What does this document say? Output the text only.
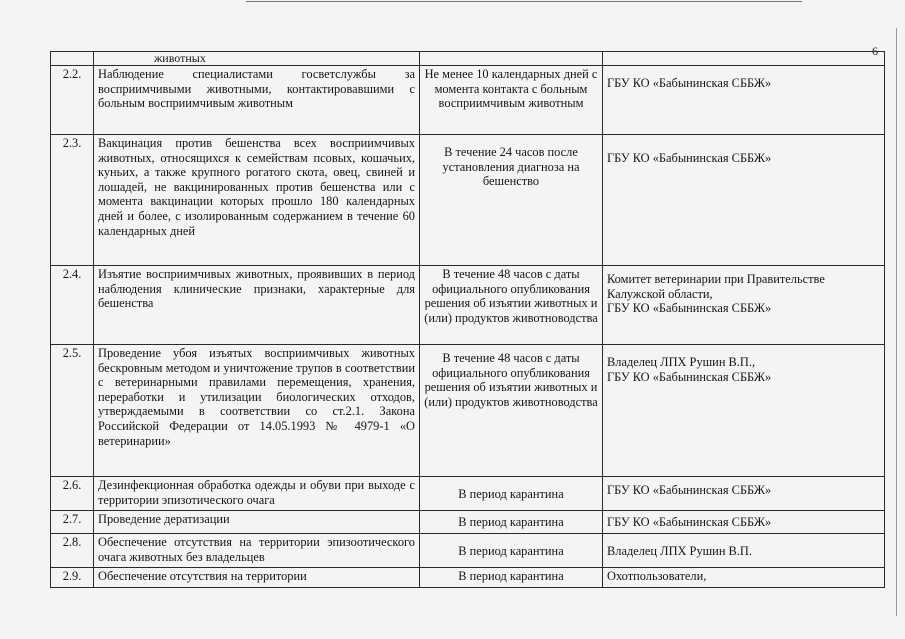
6
	животных		
2.2.	Наблюдение специалистами госветслужбы за восприимчивыми животными, контактировавшими с больным восприимчивым животным	Не менее 10 календарных дней с момента контакта с больным восприимчивым животным	ГБУ КО «Бабынинская СББЖ»

2.3.	Вакцинация против бешенства всех восприимчивых животных, относящихся к семействам псовых, кошачьих, куньих, а также крупного рогатого скота, овец, свиней и лошадей, не вакцинированных против бешенства или с момента вакцинации которых прошло 180 календарных дней и более, с изолированным содержанием в течение 60 календарных дней	В течение 24 часов после установления диагноза на бешенство	ГБУ КО «Бабынинская СББЖ»

2.4.	Изъятие восприимчивых животных, проявивших в период наблюдения клинические признаки, характерные для бешенства	В течение 48 часов с даты официального опубликования решения об изъятии животных и (или) продуктов животноводства	Комитет ветеринарии при Правительстве Калужской области,
ГБУ КО «Бабынинская СББЖ»

2.5.	Проведение убоя изъятых восприимчивых животных бескровным методом и уничтожение трупов в соответствии с ветеринарными правилами перемещения, хранения, переработки и утилизации биологических отходов, утверждаемыми в соответствии со ст.2.1. Закона Российской Федерации от 14.05.1993 № 4979-1 «О ветеринарии»	В течение 48 часов с даты официального опубликования решения об изъятии животных и (или) продуктов животноводства	Владелец ЛПХ Рушин В.П.,
ГБУ КО «Бабынинская СББЖ»

2.6.	Дезинфекционная обработка одежды и обуви при выходе с территории эпизотического очага	В период карантина	ГБУ КО «Бабынинская СББЖ»

2.7.	Проведение дератизации	В период карантина	ГБУ КО «Бабынинская СББЖ»

2.8.	Обеспечение отсутствия на территории эпизоотического очага животных без владельцев	В период карантина	Владелец ЛПХ Рушин В.П.

2.9.	Обеспечение отсутствия на территории	В период карантина	Охотпользователи,
